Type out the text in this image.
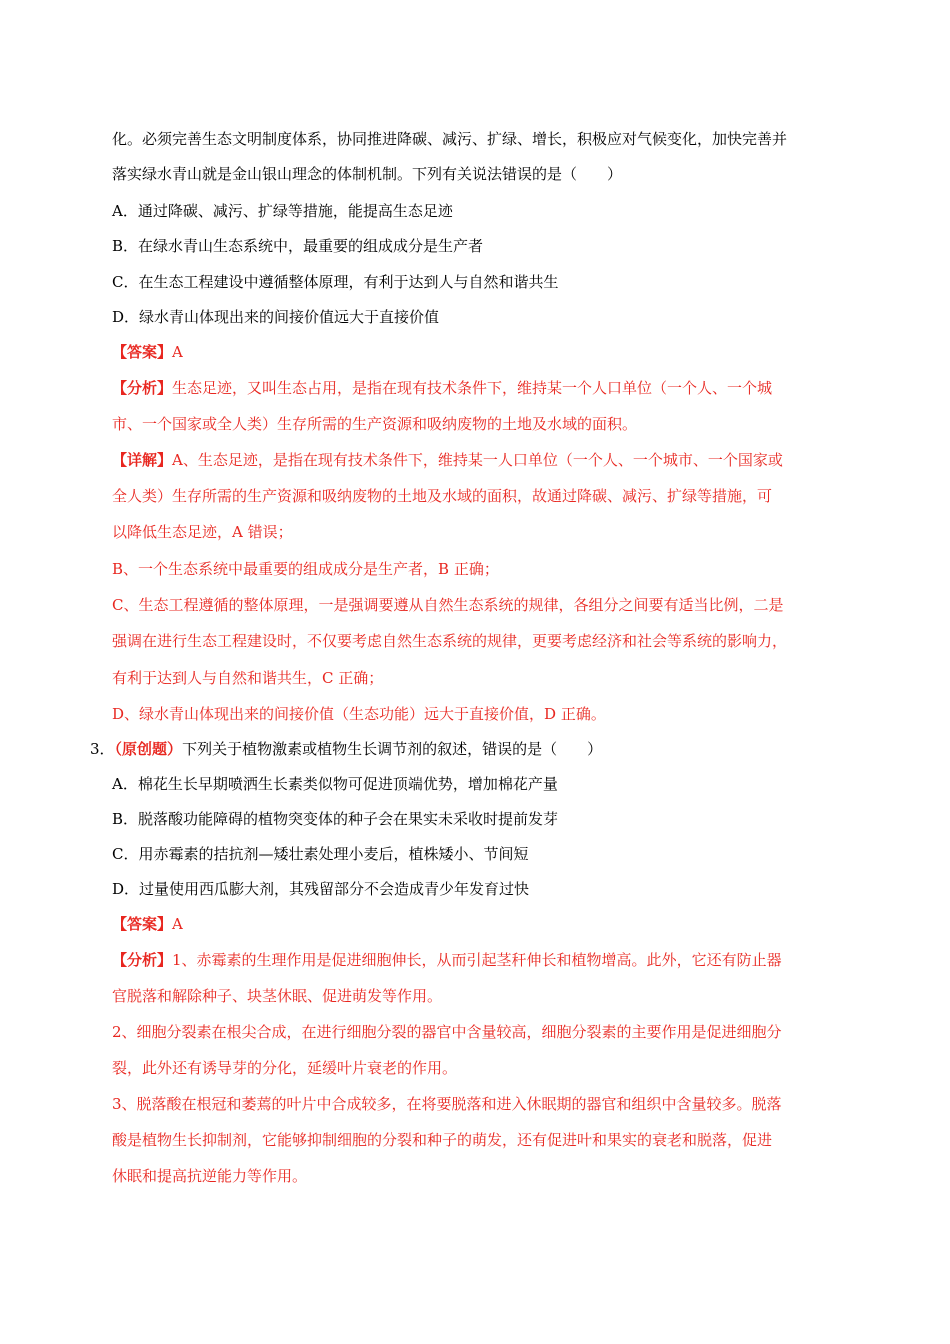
化。必须完善生态文明制度体系，协同推进降碳、减污、扩绿、增长，积极应对气候变化，加快完善并
落实绿水青山就是金山银山理念的体制机制。下列有关说法错误的是（　　）
A．通过降碳、减污、扩绿等措施，能提高生态足迹
B．在绿水青山生态系统中，最重要的组成成分是生产者
C．在生态工程建设中遵循整体原理，有利于达到人与自然和谐共生
D．绿水青山体现出来的间接价值远大于直接价值
【答案】A
【分析】生态足迹，又叫生态占用，是指在现有技术条件下，维持某一个人口单位（一个人、一个城
市、一个国家或全人类）生存所需的生产资源和吸纳废物的土地及水域的面积。
【详解】A、生态足迹，是指在现有技术条件下，维持某一人口单位（一个人、一个城市、一个国家或
全人类）生存所需的生产资源和吸纳废物的土地及水域的面积，故通过降碳、减污、扩绿等措施，可
以降低生态足迹，A 错误；
B、一个生态系统中最重要的组成成分是生产者，B 正确；
C、生态工程遵循的整体原理，一是强调要遵从自然生态系统的规律，各组分之间要有适当比例，二是
强调在进行生态工程建设时，不仅要考虑自然生态系统的规律，更要考虑经济和社会等系统的影响力，
有利于达到人与自然和谐共生，C 正确；
D、绿水青山体现出来的间接价值（生态功能）远大于直接价值，D 正确。
3．（原创题）下列关于植物激素或植物生长调节剂的叙述，错误的是（　　）
A．棉花生长早期喷洒生长素类似物可促进顶端优势，增加棉花产量
B．脱落酸功能障碍的植物突变体的种子会在果实未采收时提前发芽
C．用赤霉素的拮抗剂—矮壮素处理小麦后，植株矮小、节间短
D．过量使用西瓜膨大剂，其残留部分不会造成青少年发育过快
【答案】A
【分析】1、赤霉素的生理作用是促进细胞伸长，从而引起茎秆伸长和植物增高。此外，它还有防止器
官脱落和解除种子、块茎休眠、促进萌发等作用。
2、细胞分裂素在根尖合成，在进行细胞分裂的器官中含量较高，细胞分裂素的主要作用是促进细胞分
裂，此外还有诱导芽的分化，延缓叶片衰老的作用。
3、脱落酸在根冠和萎蔫的叶片中合成较多，在将要脱落和进入休眠期的器官和组织中含量较多。脱落
酸是植物生长抑制剂，它能够抑制细胞的分裂和种子的萌发，还有促进叶和果实的衰老和脱落，促进
休眠和提高抗逆能力等作用。
